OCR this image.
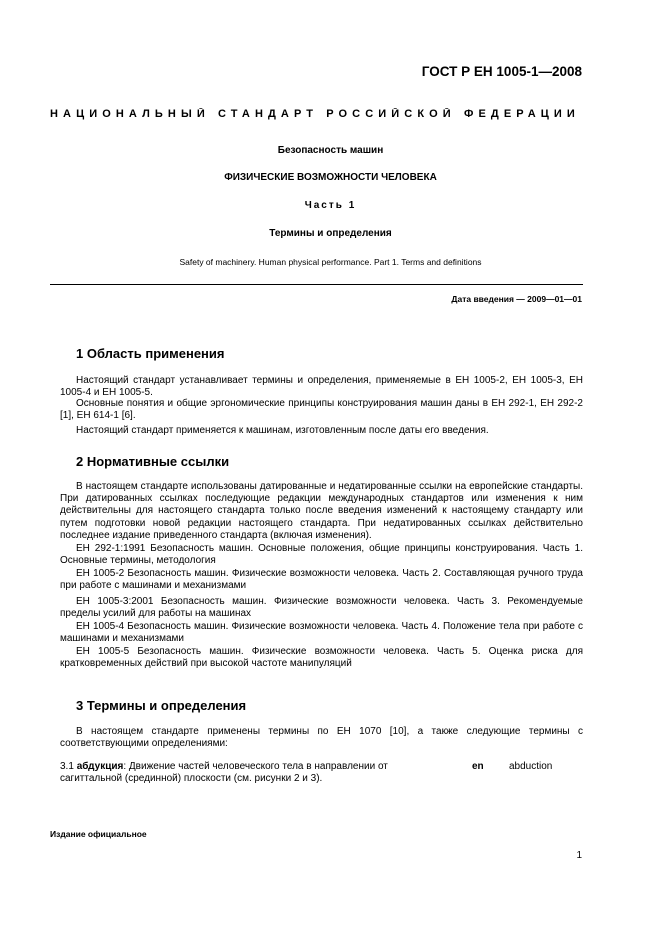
ГОСТ Р ЕН 1005-1—2008
НАЦИОНАЛЬНЫЙ СТАНДАРТ РОССИЙСКОЙ ФЕДЕРАЦИИ
Безопасность машин
ФИЗИЧЕСКИЕ ВОЗМОЖНОСТИ ЧЕЛОВЕКА
Часть 1
Термины и определения
Safety of machinery. Human physical performance. Part 1. Terms and definitions
Дата введения — 2009—01—01
1 Область применения

Настоящий стандарт устанавливает термины и определения, применяемые в ЕН 1005-2, ЕН 1005-3, ЕН 1005-4 и ЕН 1005-5.

Основные понятия и общие эргономические принципы конструирования машин даны в ЕН 292-1, ЕН 292-2 [1], ЕН 614-1 [6].

Настоящий стандарт применяется к машинам, изготовленным после даты его введения.

2 Нормативные ссылки

В настоящем стандарте использованы датированные и недатированные ссылки на европейские стандарты. При датированных ссылках последующие редакции международных стандартов или изменения к ним действительны для настоящего стандарта только после введения изменений к настоящему стандарту или путем подготовки новой редакции настоящего стандарта. При недатированных ссылках действительно последнее издание приведенного стандарта (включая изменения).

ЕН 292-1:1991 Безопасность машин. Основные положения, общие принципы конструирования. Часть 1. Основные термины, методология

ЕН 1005-2 Безопасность машин. Физические возможности человека. Часть 2. Составляющая ручного труда при работе с машинами и механизмами

ЕН 1005-3:2001 Безопасность машин. Физические возможности человека. Часть 3. Рекомендуемые пределы усилий для работы на машинах

ЕН 1005-4 Безопасность машин. Физические возможности человека. Часть 4. Положение тела при работе с машинами и механизмами

ЕН 1005-5 Безопасность машин. Физические возможности человека. Часть 5. Оценка риска для кратковременных действий при высокой частоте манипуляций

3 Термины и определения

В настоящем стандарте применены термины по ЕН 1070 [10], а также следующие термины с соответствующими определениями:

3.1 абдукция: Движение частей человеческого тела в направлении от сагиттальной (срединной) плоскости (см. рисунки 2 и 3).

en	abduction
Издание официальное
1
